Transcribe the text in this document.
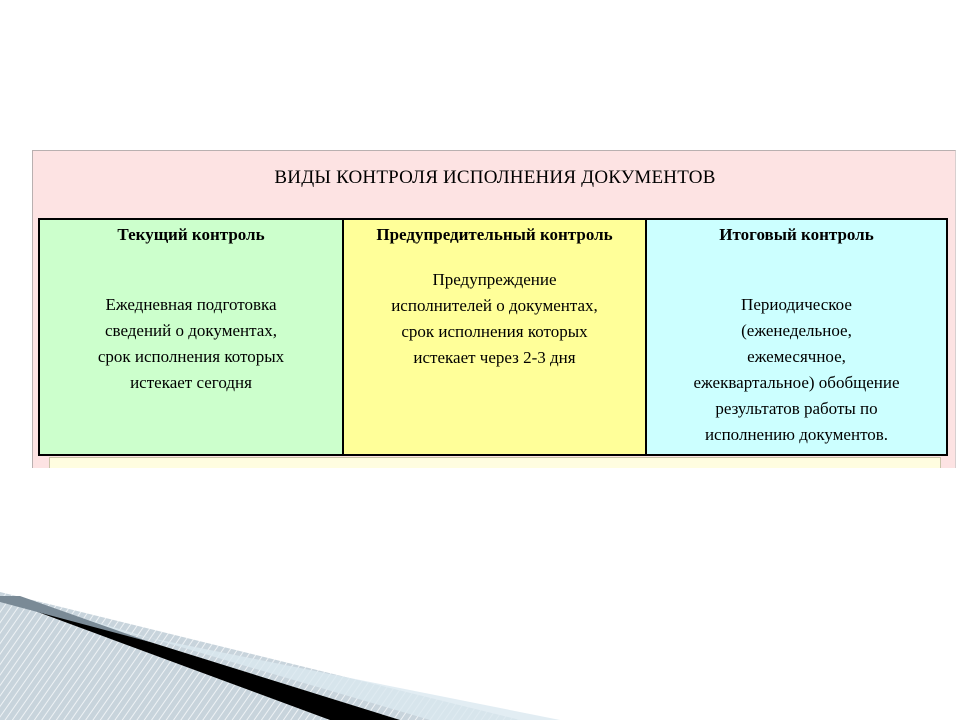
ВИДЫ КОНТРОЛЯ ИСПОЛНЕНИЯ ДОКУМЕНТОВ

Текущий контроль

Ежедневная подготовка
сведений о документах,
срок исполнения которых
истекает сегодня

Предупредительный контроль

Предупреждение
исполнителей о документах,
срок исполнения которых
истекает через 2-3 дня

Итоговый контроль

Периодическое
(еженедельное,
ежемесячное,
ежеквартальное) обобщение
результатов работы по
исполнению документов.
